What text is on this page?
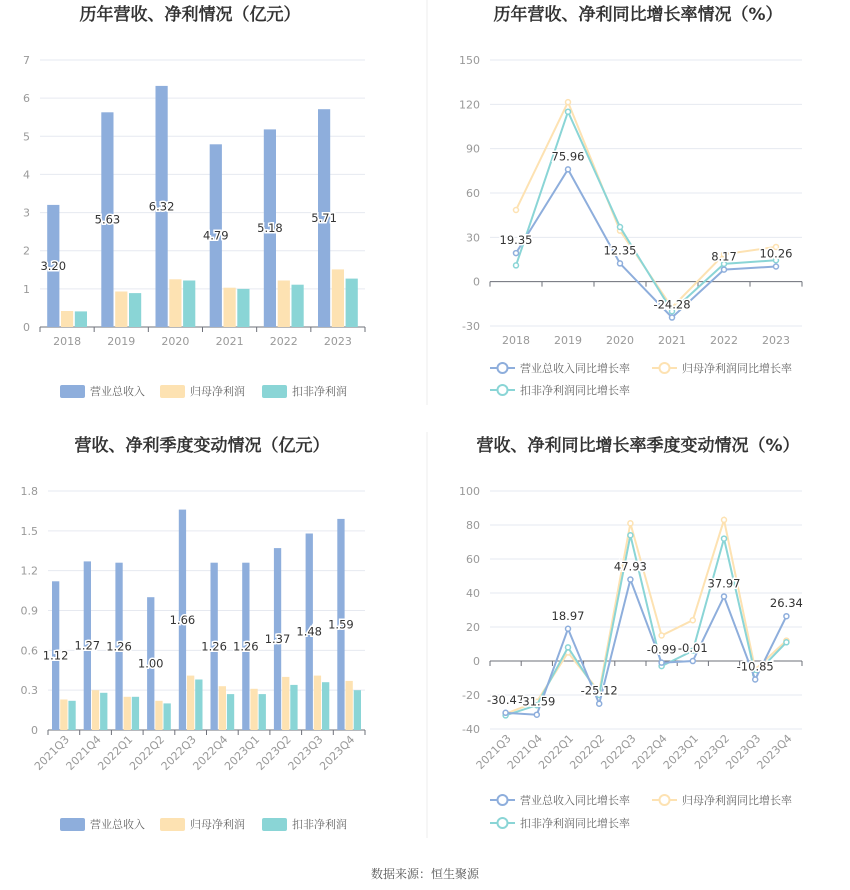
历年营收、净利情况（亿元）
0
1
2
3
4
5
6
7
2018 2019 2020 2021 2022 2023
3.20
5.63
6.32
4.79
5.18
5.71
营业总收入	归母净利润	扣非净利润
历年营收、净利同比增长率情况（%）
-30
0
30
60
90
120
150
2018 2019 2020 2021 2022 2023
19.35
75.96
12.35
-24.28
8.17 10.26
营业总收入同比增长率	归母净利润同比增长率
扣非净利润同比增长率
营收、净利季度变动情况（亿元）
0
0.3
0.6
0.9
1.2
1.5
1.8
2021Q3
2021Q4
2022Q1
2022Q2
2022Q3
2022Q4
2023Q1
2023Q2
2023Q3
2023Q4
1.12
1.27 1.26
1.00
1.66
1.26 1.26
1.37
1.48
1.59
营业总收入	归母净利润	扣非净利润
营收、净利同比增长率季度变动情况（%）
-40
-20
0
20
40
60
80
100
2021Q3
2021Q4
2022Q1
2022Q2
2022Q3
2022Q4
2023Q1
2023Q2
2023Q3
2023Q4
-30.47
-31.59
18.97
-25.12
47.93
-0.99 -0.01
37.97
-10.85
26.34
营业总收入同比增长率	归母净利润同比增长率
扣非净利润同比增长率
数据来源：恒生聚源
